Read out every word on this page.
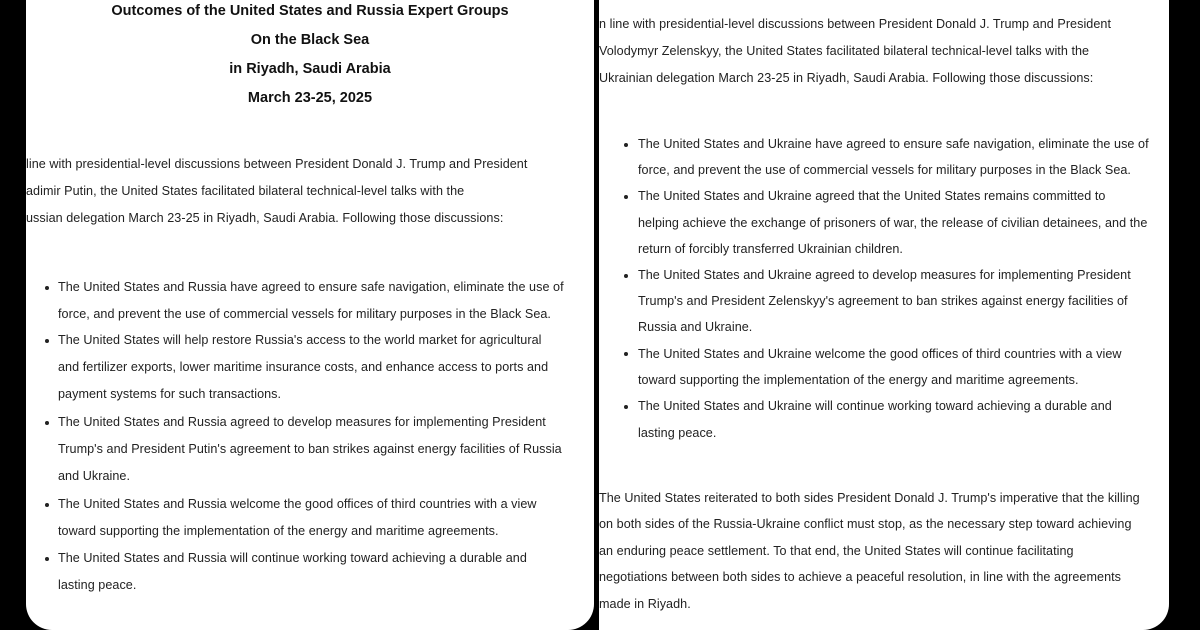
Outcomes of the United States and Russia Expert Groups
On the Black Sea
in Riyadh, Saudi Arabia
March 23-25, 2025
line with presidential-level discussions between President Donald J. Trump and President
adimir Putin, the United States facilitated bilateral technical-level talks with the
ussian delegation March 23-25 in Riyadh, Saudi Arabia. Following those discussions:
The United States and Russia have agreed to ensure safe navigation, eliminate the use of
force, and prevent the use of commercial vessels for military purposes in the Black Sea.
The United States will help restore Russia's access to the world market for agricultural
and fertilizer exports, lower maritime insurance costs, and enhance access to ports and
payment systems for such transactions.
The United States and Russia agreed to develop measures for implementing President
Trump's and President Putin's agreement to ban strikes against energy facilities of Russia
and Ukraine.
The United States and Russia welcome the good offices of third countries with a view
toward supporting the implementation of the energy and maritime agreements.
The United States and Russia will continue working toward achieving a durable and
lasting peace.
n line with presidential-level discussions between President Donald J. Trump and President
Volodymyr Zelenskyy, the United States facilitated bilateral technical-level talks with the
Ukrainian delegation March 23-25 in Riyadh, Saudi Arabia. Following those discussions:
The United States and Ukraine have agreed to ensure safe navigation, eliminate the use of
force, and prevent the use of commercial vessels for military purposes in the Black Sea.
The United States and Ukraine agreed that the United States remains committed to
helping achieve the exchange of prisoners of war, the release of civilian detainees, and the
return of forcibly transferred Ukrainian children.
The United States and Ukraine agreed to develop measures for implementing President
Trump's and President Zelenskyy's agreement to ban strikes against energy facilities of
Russia and Ukraine.
The United States and Ukraine welcome the good offices of third countries with a view
toward supporting the implementation of the energy and maritime agreements.
The United States and Ukraine will continue working toward achieving a durable and
lasting peace.
The United States reiterated to both sides President Donald J. Trump's imperative that the killing
on both sides of the Russia-Ukraine conflict must stop, as the necessary step toward achieving
an enduring peace settlement. To that end, the United States will continue facilitating
negotiations between both sides to achieve a peaceful resolution, in line with the agreements
made in Riyadh.
